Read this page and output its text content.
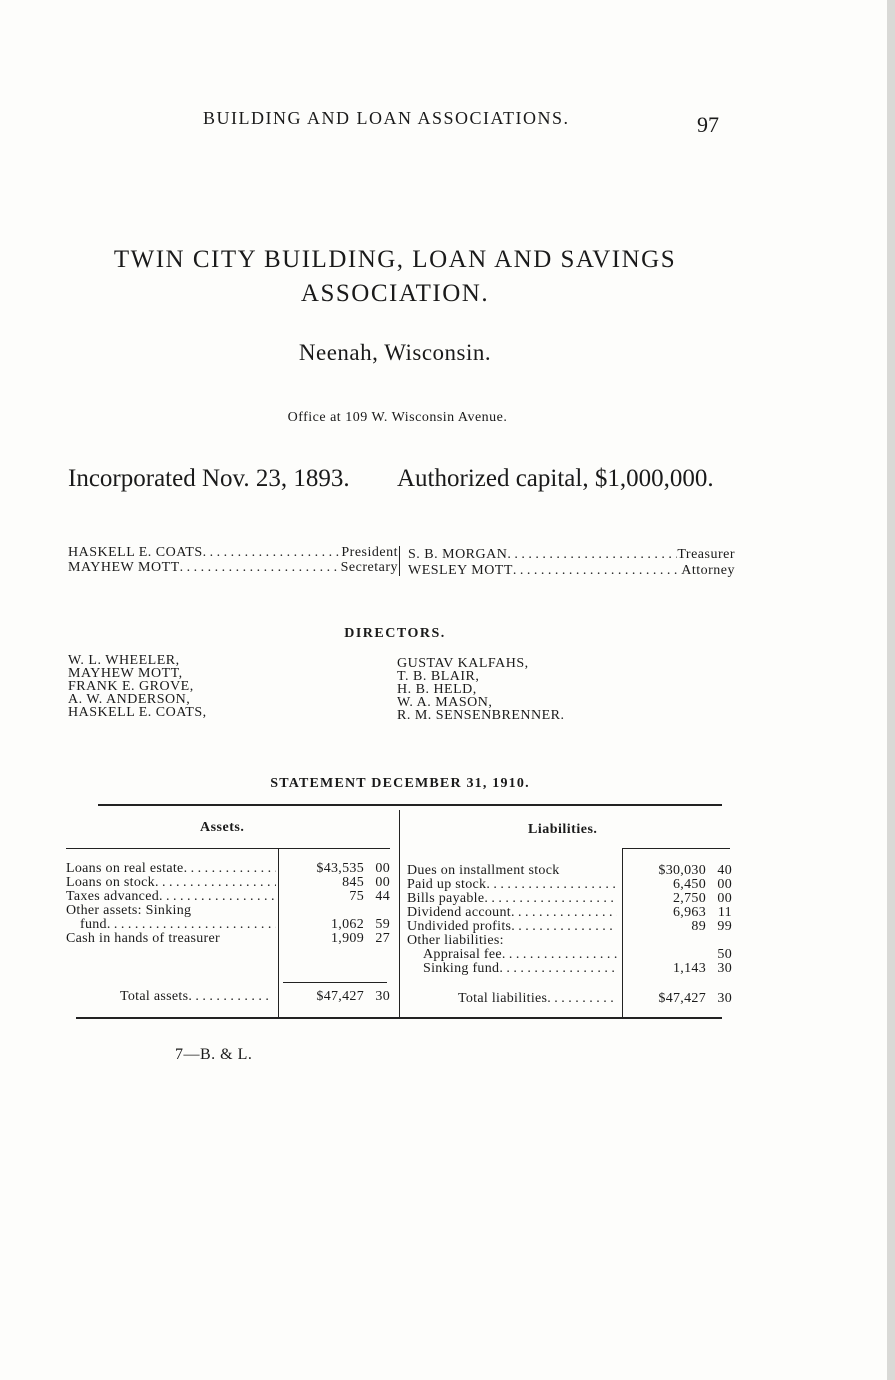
BUILDING AND LOAN ASSOCIATIONS.	97
TWIN CITY BUILDING, LOAN AND SAVINGS
ASSOCIATION.
Neenah, Wisconsin.
Office at 109 W. Wisconsin Avenue.
Incorporated Nov. 23, 1893. Authorized capital, $1,000,000.
HASKELL E. COATS . . .	President
MAYHEW MOTT . . .	Secretary
S. B. MORGAN . . .	Treasurer
WESLEY MOTT . . .	Attorney
DIRECTORS.
W. L. WHEELER,
MAYHEW MOTT,
FRANK E. GROVE,
A. W. ANDERSON,
HASKELL E. COATS,
GUSTAV KALFAHS,
T. B. BLAIR,
H. B. HELD,
W. A. MASON,
R. M. SENSENBRENNER.
STATEMENT DECEMBER 31, 1910.
Assets.	Liabilities.
Loans on real estate . . .	$43,535 00
Loans on stock . . .	845 00
Taxes advanced . . .	75 44
Other assets: Sinking
fund . . .	1,062 59
Cash in hands of treasurer	1,909 27
Dues on installment stock	$30,030 40
Paid up stock . . .	6,450 00
Bills payable . . .	2,750 00
Dividend account . . .	6,963 11
Undivided profits . . .	89 99
Other liabilities:
Appraisal fee . . .	50
Sinking fund . . .	1,143 30
Total assets . . .	$47,427 30	Total liabilities . . .	$47,427 30
7—B. & L.
